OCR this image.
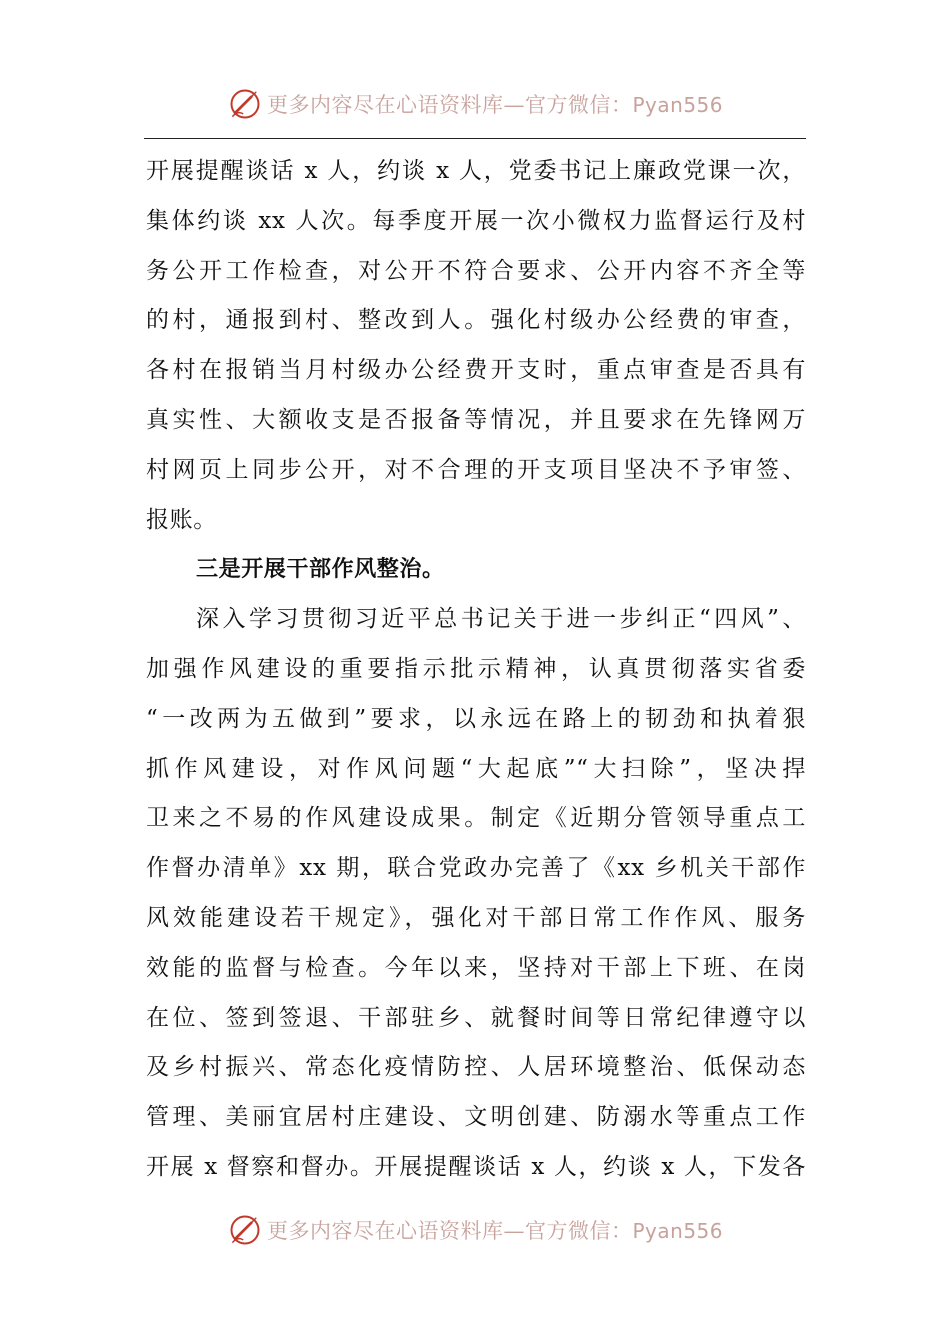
更多内容尽在心语资料库—官方微信：Pyan556
开展提醒谈话 x 人，约谈 x 人，党委书记上廉政党课一次，
集体约谈 xx 人次。每季度开展一次小微权力监督运行及村
务公开工作检查，对公开不符合要求、公开内容不齐全等
的村，通报到村、整改到人。强化村级办公经费的审查，
各村在报销当月村级办公经费开支时，重点审查是否具有
真实性、大额收支是否报备等情况，并且要求在先锋网万
村网页上同步公开，对不合理的开支项目坚决不予审签、
报账。
三是开展干部作风整治。
深入学习贯彻习近平总书记关于进一步纠正“四风”、
加强作风建设的重要指示批示精神，认真贯彻落实省委
“一改两为五做到”要求，以永远在路上的韧劲和执着狠
抓作风建设，对作风问题“大起底”“大扫除”，坚决捍
卫来之不易的作风建设成果。制定《近期分管领导重点工
作督办清单》xx 期，联合党政办完善了《xx 乡机关干部作
风效能建设若干规定》，强化对干部日常工作作风、服务
效能的监督与检查。今年以来，坚持对干部上下班、在岗
在位、签到签退、干部驻乡、就餐时间等日常纪律遵守以
及乡村振兴、常态化疫情防控、人居环境整治、低保动态
管理、美丽宜居村庄建设、文明创建、防溺水等重点工作
开展 x 督察和督办。开展提醒谈话 x 人，约谈 x 人，下发各
更多内容尽在心语资料库—官方微信：Pyan556
